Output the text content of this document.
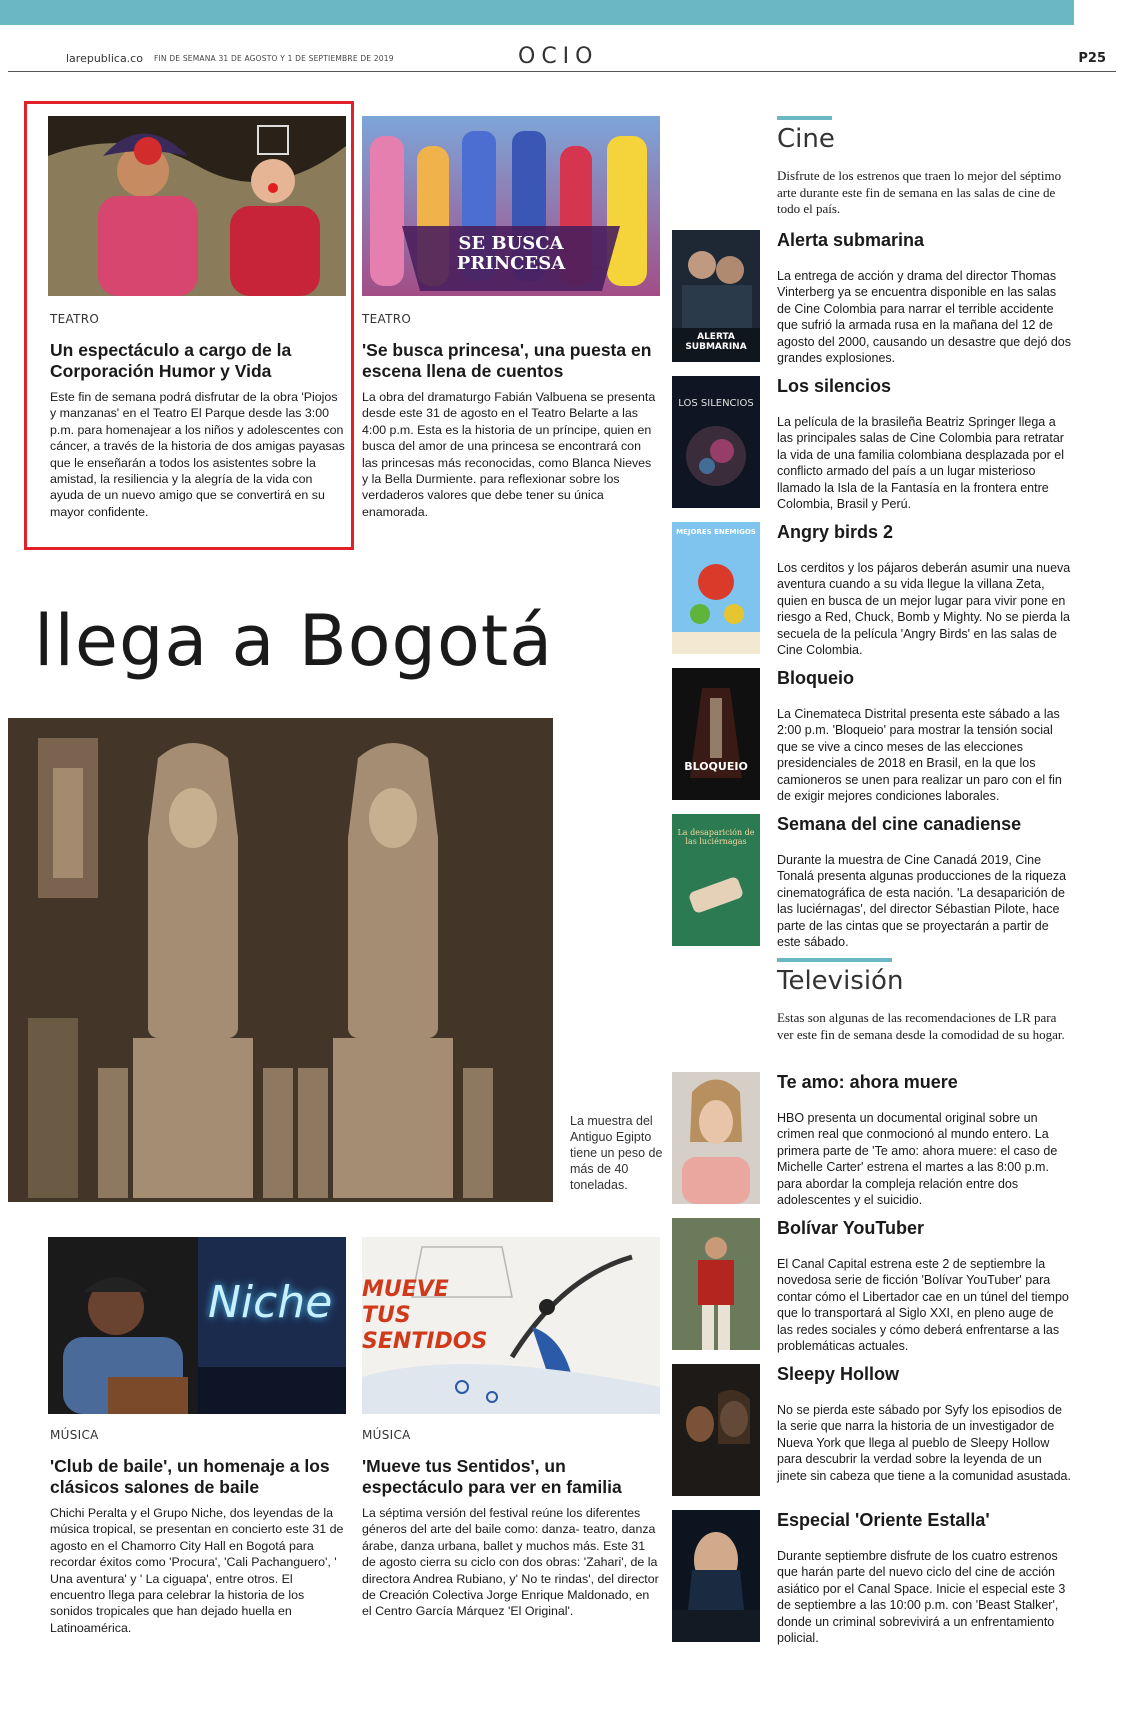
larepublica.co FIN DE SEMANA 31 DE AGOSTO Y 1 DE SEPTIEMBRE DE 2019	OCIO	P25
SE BUSCA PRINCESA
TEATRO
Un espectáculo a cargo de la Corporación Humor y Vida
Este fin de semana podrá disfrutar de la obra 'Piojos y manzanas' en el Teatro El Parque desde las 3:00 p.m. para homenajear a los niños y adolescentes con cáncer, a través de la historia de dos amigas payasas que le enseñarán a todos los asistentes sobre la amistad, la resiliencia y la alegría de la vida con ayuda de un nuevo amigo que se convertirá en su mayor confidente.
TEATRO
'Se busca princesa', una puesta en escena llena de cuentos
La obra del dramaturgo Fabián Valbuena se presenta desde este 31 de agosto en el Teatro Belarte a las 4:00 p.m. Esta es la historia de un príncipe, quien en busca del amor de una princesa se encontrará con las princesas más reconocidas, como Blanca Nieves y la Bella Durmiente. para reflexionar sobre los verdaderos valores que debe tener su única enamorada.
llega a Bogotá
La muestra del Antiguo Egipto tiene un peso de más de 40 toneladas.
Niche MUEVE TUS SENTIDOS
MÚSICA
'Club de baile', un homenaje a los clásicos salones de baile
Chichi Peralta y el Grupo Niche, dos leyendas de la música tropical, se presentan en concierto este 31 de agosto en el Chamorro City Hall en Bogotá para recordar éxitos como 'Procura', 'Cali Pachanguero', ' Una aventura' y ' La ciguapa', entre otros. El encuentro llega para celebrar la historia de los sonidos tropicales que han dejado huella en Latinoamérica.
MÚSICA
'Mueve tus Sentidos', un espectáculo para ver en familia
La séptima versión del festival reúne los diferentes géneros del arte del baile como: danza- teatro, danza árabe, danza urbana, ballet y muchos más. Este 31 de agosto cierra su ciclo con dos obras: 'Zahari', de la directora Andrea Rubiano, y' No te rindas', del director de Creación Colectiva Jorge Enrique Maldonado, en el Centro García Márquez 'El Original'.
Cine
Disfrute de los estrenos que traen lo mejor del séptimo arte durante este fin de semana en las salas de cine de todo el país.
ALERTA SUBMARINA
Alerta submarina
La entrega de acción y drama del director Thomas Vinterberg ya se encuentra disponible en las salas de Cine Colombia para narrar el terrible accidente que sufrió la armada rusa en la mañana del 12 de agosto del 2000, causando un desastre que dejó dos grandes explosiones.
LOS SILENCIOS
Los silencios
La película de la brasileña Beatriz Springer llega a las principales salas de Cine Colombia para retratar la vida de una familia colombiana desplazada por el conflicto armado del país a un lugar misterioso llamado la Isla de la Fantasía en la frontera entre Colombia, Brasil y Perú.
MEJORES ENEMIGOS Angry birds 2
Los cerditos y los pájaros deberán asumir una nueva aventura cuando a su vida llegue la villana Zeta, quien en busca de un mejor lugar para vivir pone en riesgo a Red, Chuck, Bomb y Mighty. No se pierda la secuela de la película 'Angry Birds' en las salas de Cine Colombia.
BLOQUEIO
Bloqueio
La Cinemateca Distrital presenta este sábado a las 2:00 p.m. 'Bloqueio' para mostrar la tensión social que se vive a cinco meses de las elecciones presidenciales de 2018 en Brasil, en la que los camioneros se unen para realizar un paro con el fin de exigir mejores condiciones laborales.
La desaparición de las luciérnagas
Semana del cine canadiense
Durante la muestra de Cine Canadá 2019, Cine Tonalá presenta algunas producciones de la riqueza cinematográfica de esta nación. 'La desaparición de las luciérnagas', del director Sébastian Pilote, hace parte de las cintas que se proyectarán a partir de este sábado.
Televisión
Estas son algunas de las recomendaciones de LR para ver este fin de semana desde la comodidad de su hogar.
Te amo: ahora muere
HBO presenta un documental original sobre un crimen real que conmocionó al mundo entero. La primera parte de 'Te amo: ahora muere: el caso de Michelle Carter' estrena el martes a las 8:00 p.m. para abordar la compleja relación entre dos adolescentes y el suicidio.
Bolívar YouTuber
El Canal Capital estrena este 2 de septiembre la novedosa serie de ficción 'Bolívar YouTuber' para contar cómo el Libertador cae en un túnel del tiempo que lo transportará al Siglo XXI, en pleno auge de las redes sociales y cómo deberá enfrentarse a las problemáticas actuales.
Sleepy Hollow
No se pierda este sábado por Syfy los episodios de la serie que narra la historia de un investigador de Nueva York que llega al pueblo de Sleepy Hollow para descubrir la verdad sobre la leyenda de un jinete sin cabeza que tiene a la comunidad asustada.
Especial 'Oriente Estalla'
Durante septiembre disfrute de los cuatro estrenos que harán parte del nuevo ciclo del cine de acción asiático por el Canal Space. Inicie el especial este 3 de septiembre a las 10:00 p.m. con 'Beast Stalker', donde un criminal sobrevivirá a un enfrentamiento policial.
